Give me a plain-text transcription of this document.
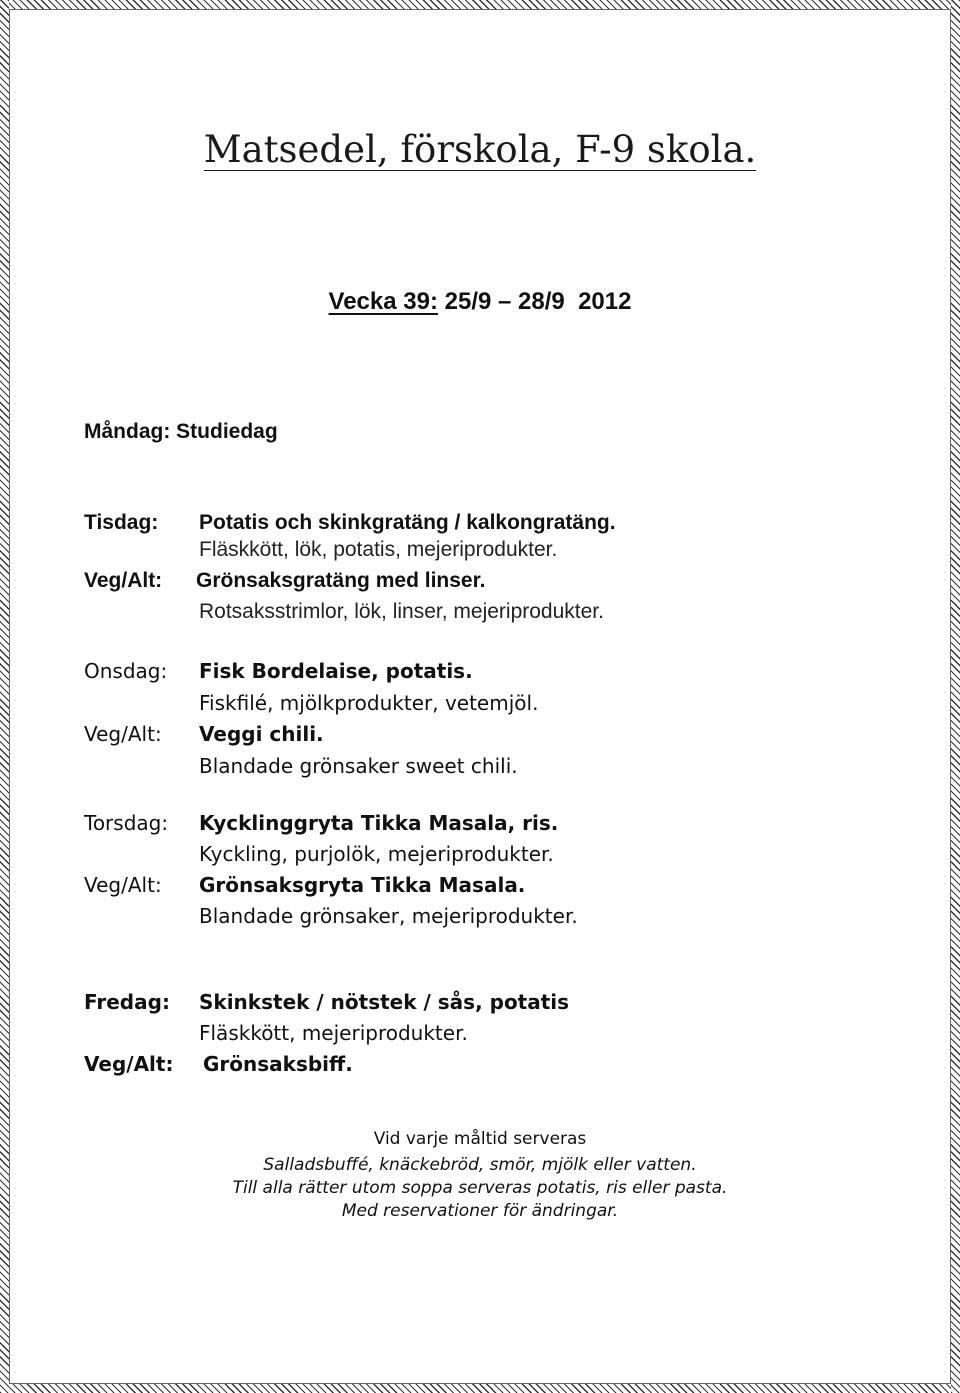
Matsedel, förskola, F-9 skola.
Vecka 39: 25/9 – 28/9 2012
Måndag: Studiedag
Tisdag: Potatis och skinkgratäng / kalkongratäng.
Fläskkött, lök, potatis, mejeriprodukter.
Veg/Alt: Grönsaksgratäng med linser.
Rotsaksstrimlor, lök, linser, mejeriprodukter.
Onsdag: Fisk Bordelaise, potatis.
Fiskfilé, mjölkprodukter, vetemjöl.
Veg/Alt: Veggi chili.
Blandade grönsaker sweet chili.
Torsdag: Kycklinggryta Tikka Masala, ris.
Kyckling, purjolök, mejeriprodukter.
Veg/Alt: Grönsaksgryta Tikka Masala.
Blandade grönsaker, mejeriprodukter.
Fredag: Skinkstek / nötstek / sås, potatis
Fläskkött, mejeriprodukter.
Veg/Alt: Grönsaksbiff.
Vid varje måltid serveras
Salladsbuffé, knäckebröd, smör, mjölk eller vatten.
Till alla rätter utom soppa serveras potatis, ris eller pasta.
Med reservationer för ändringar.
